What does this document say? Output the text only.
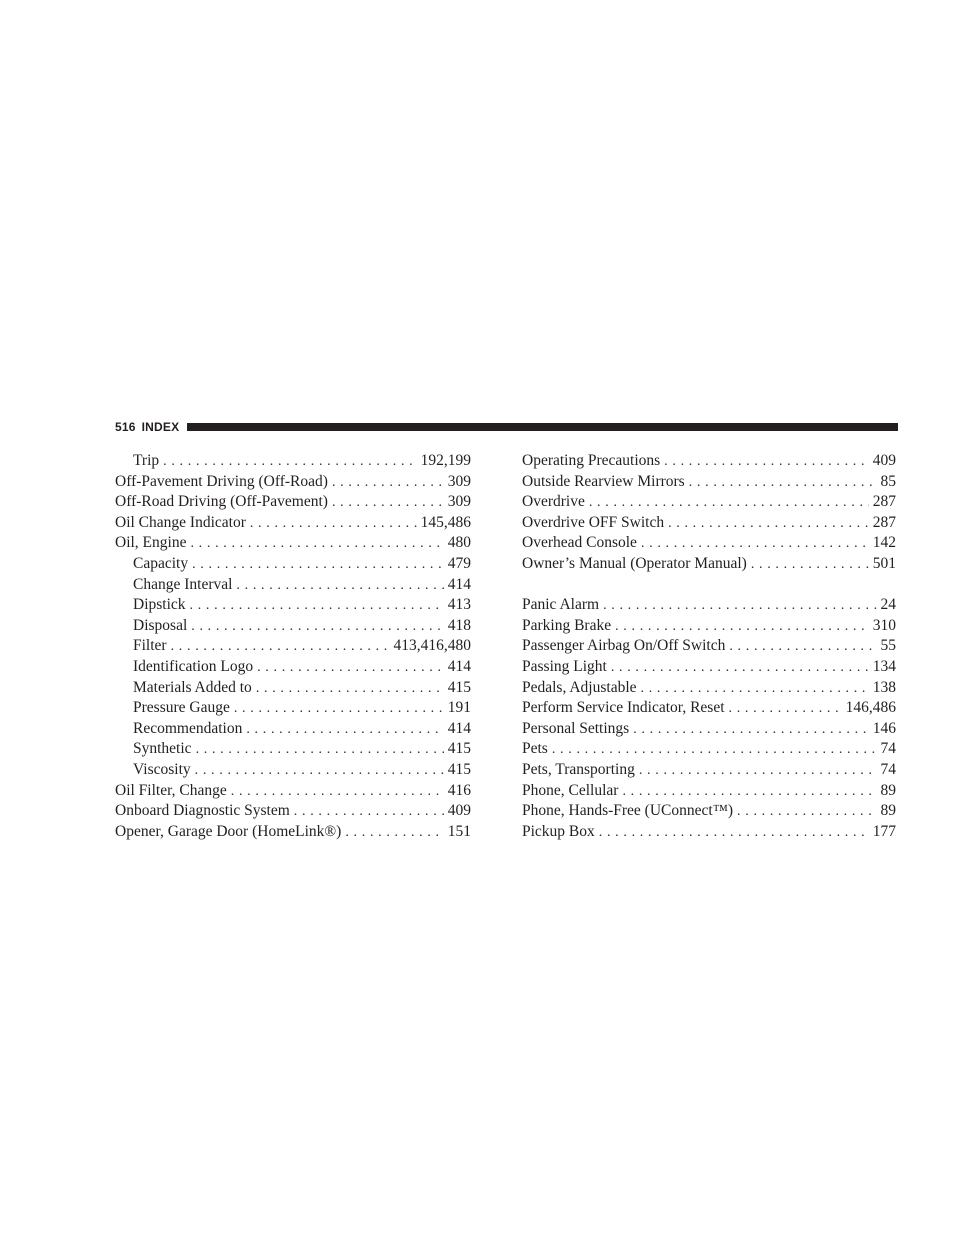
516 INDEX
Trip . . .	192,199
Off-Pavement Driving (Off-Road) . . .	309
Off-Road Driving (Off-Pavement) . . .	309
Oil Change Indicator . . .	145,486
Oil, Engine . . .	480
Capacity . . .	479
Change Interval . . .	414
Dipstick . . .	413
Disposal . . .	418
Filter . . .	413,416,480
Identification Logo . . .	414
Materials Added to . . .	415
Pressure Gauge . . .	191
Recommendation . . .	414
Synthetic . . .	415
Viscosity . . .	415
Oil Filter, Change . . .	416
Onboard Diagnostic System . . .	409
Opener, Garage Door (HomeLink®) . . .	151
Operating Precautions . . .	409
Outside Rearview Mirrors . . .	85
Overdrive . . .	287
Overdrive OFF Switch . . .	287
Overhead Console . . .	142
Owner’s Manual (Operator Manual) . . .	501
Panic Alarm . . .	24
Parking Brake . . .	310
Passenger Airbag On/Off Switch . . .	55
Passing Light . . .	134
Pedals, Adjustable . . .	138
Perform Service Indicator, Reset . . .	146,486
Personal Settings . . .	146
Pets . . .	74
Pets, Transporting . . .	74
Phone, Cellular . . .	89
Phone, Hands-Free (UConnect™) . . .	89
Pickup Box . . .	177
